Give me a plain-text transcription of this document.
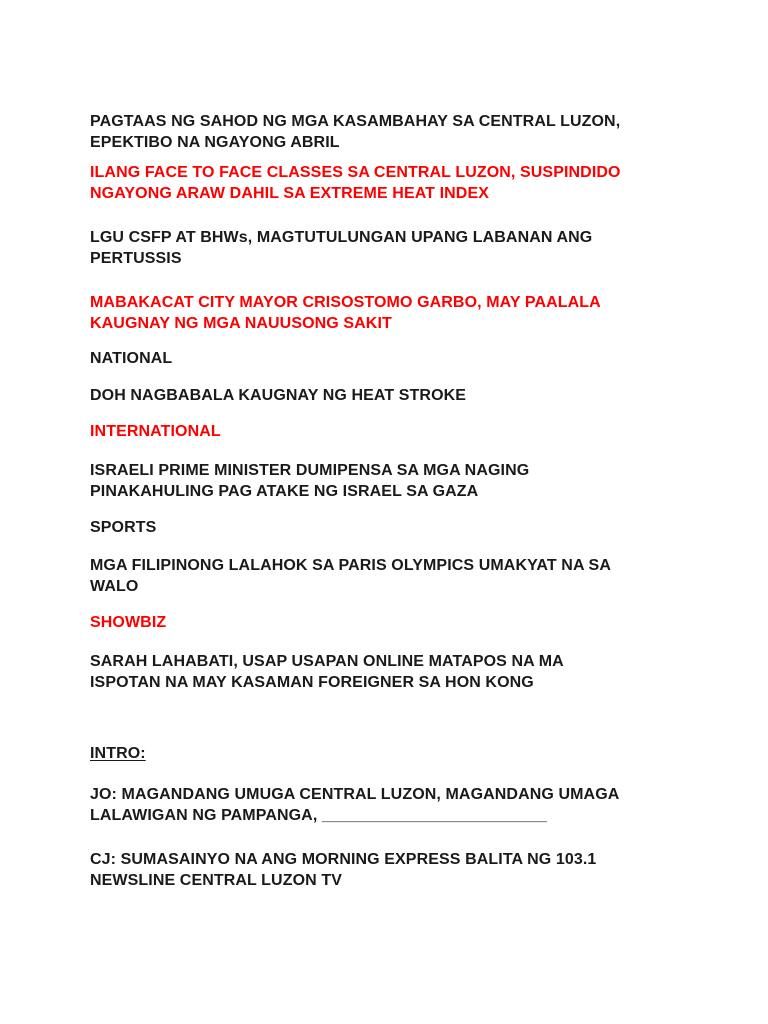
PAGTAAS NG SAHOD NG MGA KASAMBAHAY SA CENTRAL LUZON,
EPEKTIBO NA NGAYONG ABRIL

ILANG FACE TO FACE CLASSES SA CENTRAL LUZON, SUSPINDIDO
NGAYONG ARAW DAHIL SA EXTREME HEAT INDEX

LGU CSFP AT BHWs, MAGTUTULUNGAN UPANG LABANAN ANG
PERTUSSIS

MABAKACAT CITY MAYOR CRISOSTOMO GARBO, MAY PAALALA
KAUGNAY NG MGA NAUUSONG SAKIT

NATIONAL

DOH NAGBABALA KAUGNAY NG HEAT STROKE

INTERNATIONAL

ISRAELI PRIME MINISTER DUMIPENSA SA MGA NAGING
PINAKAHULING PAG ATAKE NG ISRAEL SA GAZA

SPORTS

MGA FILIPINONG LALAHOK SA PARIS OLYMPICS UMAKYAT NA SA
WALO

SHOWBIZ

SARAH LAHABATI, USAP USAPAN ONLINE MATAPOS NA MA
ISPOTAN NA MAY KASAMAN FOREIGNER SA HON KONG

INTRO:

JO: MAGANDANG UMUGA CENTRAL LUZON, MAGANDANG UMAGA
LALAWIGAN NG PAMPANGA, _________________________

CJ: SUMASAINYO NA ANG MORNING EXPRESS BALITA NG 103.1
NEWSLINE CENTRAL LUZON TV
